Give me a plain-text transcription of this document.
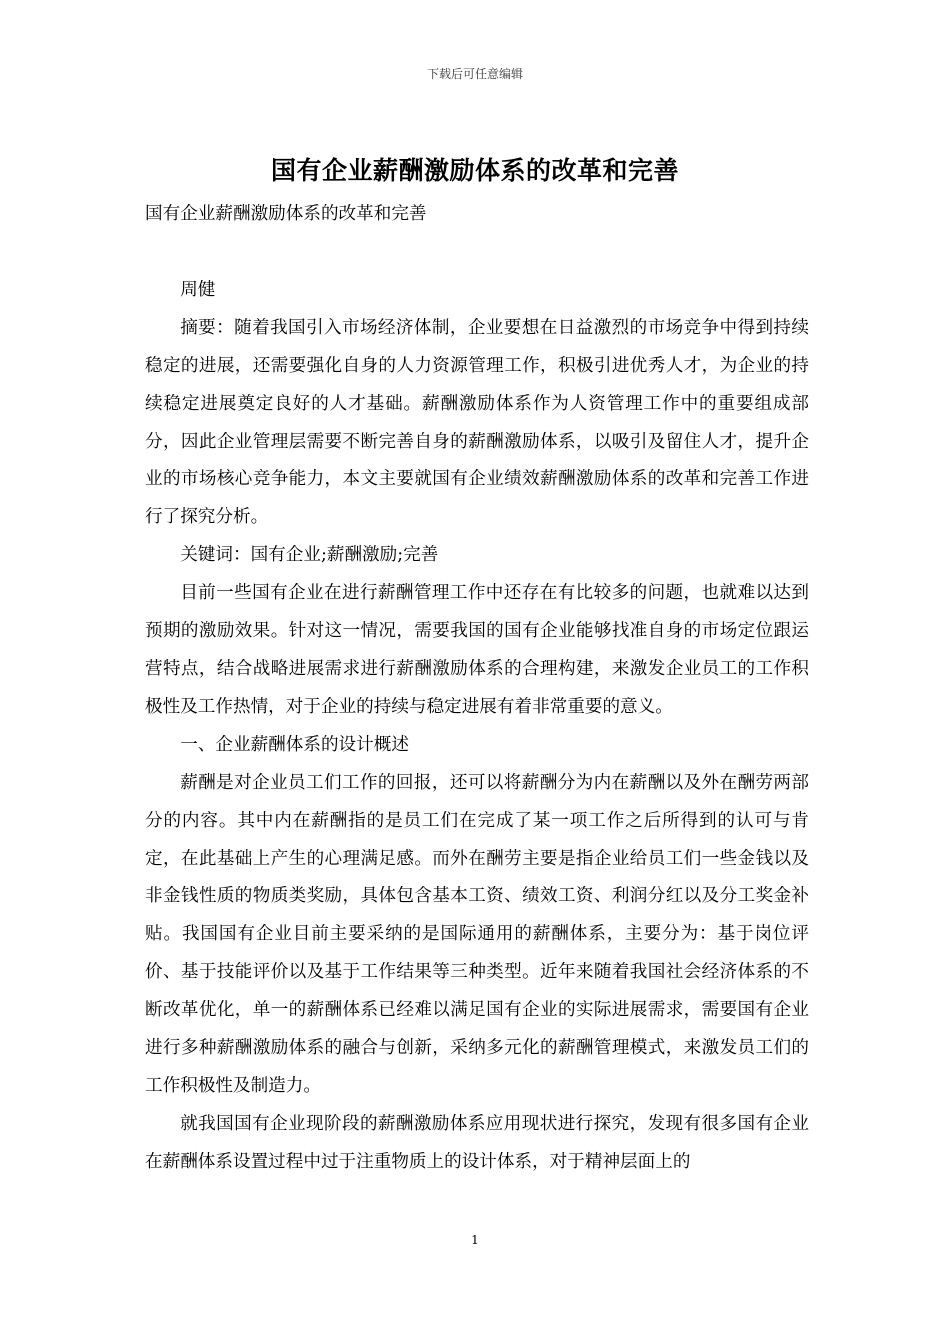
下载后可任意编辑
国有企业薪酬激励体系的改革和完善

国有企业薪酬激励体系的改革和完善

周健

摘要：随着我国引入市场经济体制，企业要想在日益激烈的市场竞争中得到持续稳定的进展，还需要强化自身的人力资源管理工作，积极引进优秀人才，为企业的持续稳定进展奠定良好的人才基础。薪酬激励体系作为人资管理工作中的重要组成部分，因此企业管理层需要不断完善自身的薪酬激励体系，以吸引及留住人才，提升企业的市场核心竞争能力，本文主要就国有企业绩效薪酬激励体系的改革和完善工作进行了探究分析。

关键词：国有企业;薪酬激励;完善

目前一些国有企业在进行薪酬管理工作中还存在有比较多的问题，也就难以达到预期的激励效果。针对这一情况，需要我国的国有企业能够找准自身的市场定位跟运营特点，结合战略进展需求进行薪酬激励体系的合理构建，来激发企业员工的工作积极性及工作热情，对于企业的持续与稳定进展有着非常重要的意义。

一、企业薪酬体系的设计概述

薪酬是对企业员工们工作的回报，还可以将薪酬分为内在薪酬以及外在酬劳两部分的内容。其中内在薪酬指的是员工们在完成了某一项工作之后所得到的认可与肯定，在此基础上产生的心理满足感。而外在酬劳主要是指企业给员工们一些金钱以及非金钱性质的物质类奖励，具体包含基本工资、绩效工资、利润分红以及分工奖金补贴。我国国有企业目前主要采纳的是国际通用的薪酬体系，主要分为：基于岗位评价、基于技能评价以及基于工作结果等三种类型。近年来随着我国社会经济体系的不断改革优化，单一的薪酬体系已经难以满足国有企业的实际进展需求，需要国有企业进行多种薪酬激励体系的融合与创新，采纳多元化的薪酬管理模式，来激发员工们的工作积极性及制造力。

就我国国有企业现阶段的薪酬激励体系应用现状进行探究，发现有很多国有企业在薪酬体系设置过程中过于注重物质上的设计体系，对于精神层面上的

1
